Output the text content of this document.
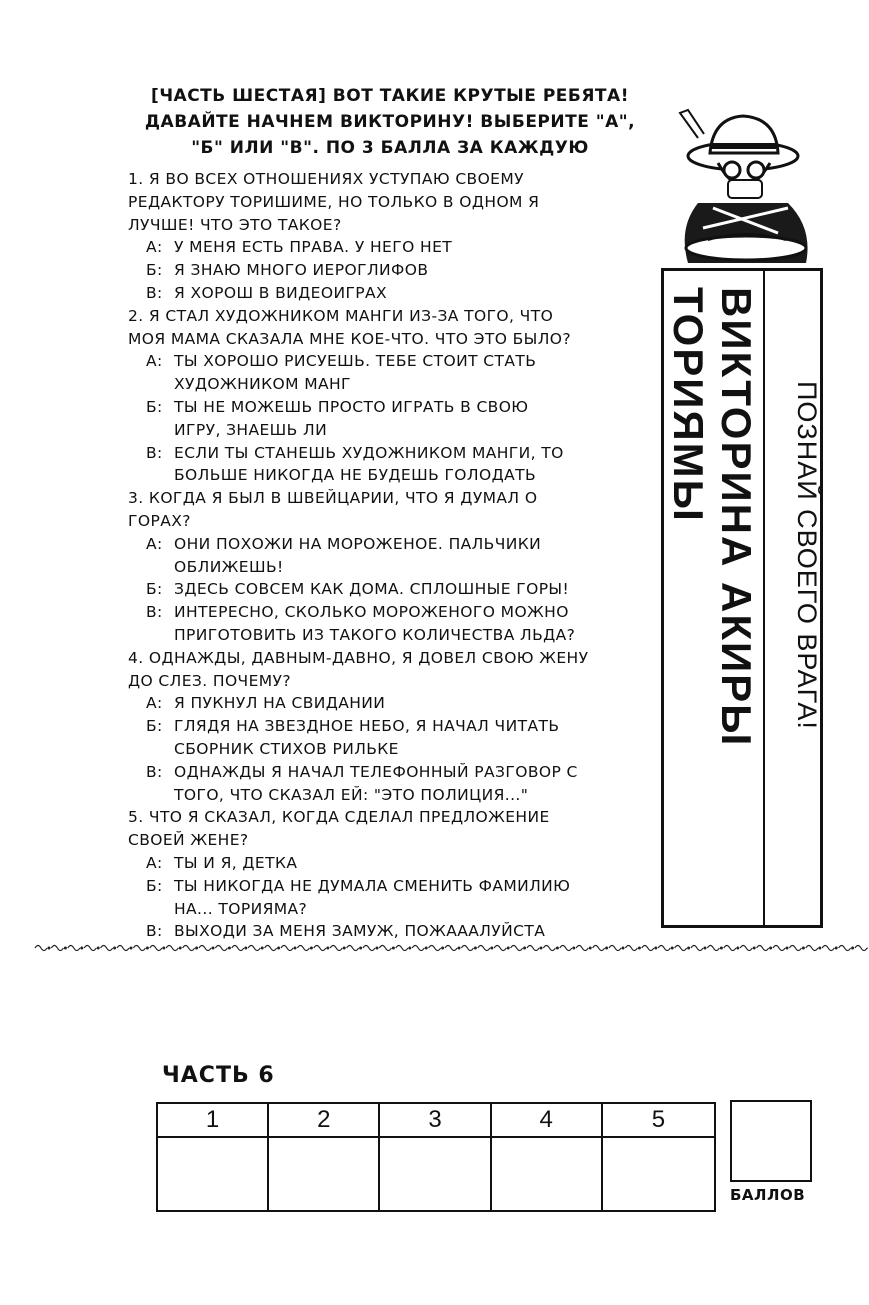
[ЧАСТЬ ШЕСТАЯ] ВОТ ТАКИЕ КРУТЫЕ РЕБЯТА!
ДАВАЙТЕ НАЧНЕМ ВИКТОРИНУ! ВЫБЕРИТЕ "А",
"Б" ИЛИ "В". ПО 3 БАЛЛА ЗА КАЖДУЮ
1. Я ВО ВСЕХ ОТНОШЕНИЯХ УСТУПАЮ СВОЕМУ
РЕДАКТОРУ ТОРИШИМЕ, НО ТОЛЬКО В ОДНОМ Я
ЛУЧШЕ! ЧТО ЭТО ТАКОЕ?
А: У МЕНЯ ЕСТЬ ПРАВА. У НЕГО НЕТ
Б: Я ЗНАЮ МНОГО ИЕРОГЛИФОВ
В: Я ХОРОШ В ВИДЕОИГРАХ
2. Я СТАЛ ХУДОЖНИКОМ МАНГИ ИЗ-ЗА ТОГО, ЧТО
МОЯ МАМА СКАЗАЛА МНЕ КОЕ-ЧТО. ЧТО ЭТО БЫЛО?
А: ТЫ ХОРОШО РИСУЕШЬ. ТЕБЕ СТОИТ СТАТЬ
ХУДОЖНИКОМ МАНГ
Б: ТЫ НЕ МОЖЕШЬ ПРОСТО ИГРАТЬ В СВОЮ
ИГРУ, ЗНАЕШЬ ЛИ
В: ЕСЛИ ТЫ СТАНЕШЬ ХУДОЖНИКОМ МАНГИ, ТО
БОЛЬШЕ НИКОГДА НЕ БУДЕШЬ ГОЛОДАТЬ
3. КОГДА Я БЫЛ В ШВЕЙЦАРИИ, ЧТО Я ДУМАЛ О
ГОРАХ?
А: ОНИ ПОХОЖИ НА МОРОЖЕНОЕ. ПАЛЬЧИКИ
ОБЛИЖЕШЬ!
Б: ЗДЕСЬ СОВСЕМ КАК ДОМА. СПЛОШНЫЕ ГОРЫ!
В: ИНТЕРЕСНО, СКОЛЬКО МОРОЖЕНОГО МОЖНО
ПРИГОТОВИТЬ ИЗ ТАКОГО КОЛИЧЕСТВА ЛЬДА?
4. ОДНАЖДЫ, ДАВНЫМ-ДАВНО, Я ДОВЕЛ СВОЮ ЖЕНУ
ДО СЛЕЗ. ПОЧЕМУ?
А: Я ПУКНУЛ НА СВИДАНИИ
Б: ГЛЯДЯ НА ЗВЕЗДНОЕ НЕБО, Я НАЧАЛ ЧИТАТЬ
СБОРНИК СТИХОВ РИЛЬКЕ
В: ОДНАЖДЫ Я НАЧАЛ ТЕЛЕФОННЫЙ РАЗГОВОР С
ТОГО, ЧТО СКАЗАЛ ЕЙ: "ЭТО ПОЛИЦИЯ..."
5. ЧТО Я СКАЗАЛ, КОГДА СДЕЛАЛ ПРЕДЛОЖЕНИЕ
СВОЕЙ ЖЕНЕ?
А: ТЫ И Я, ДЕТКА
Б: ТЫ НИКОГДА НЕ ДУМАЛА СМЕНИТЬ ФАМИЛИЮ
НА... ТОРИЯМА?
В: ВЫХОДИ ЗА МЕНЯ ЗАМУЖ, ПОЖАААЛУЙСТА
ВИКТОРИНА АКИРЫ ТОРИЯМЫ	ПОЗНАЙ СВОЕГО ВРАГА!
ЧАСТЬ 6
1	2	3	4	5
БАЛЛОВ
